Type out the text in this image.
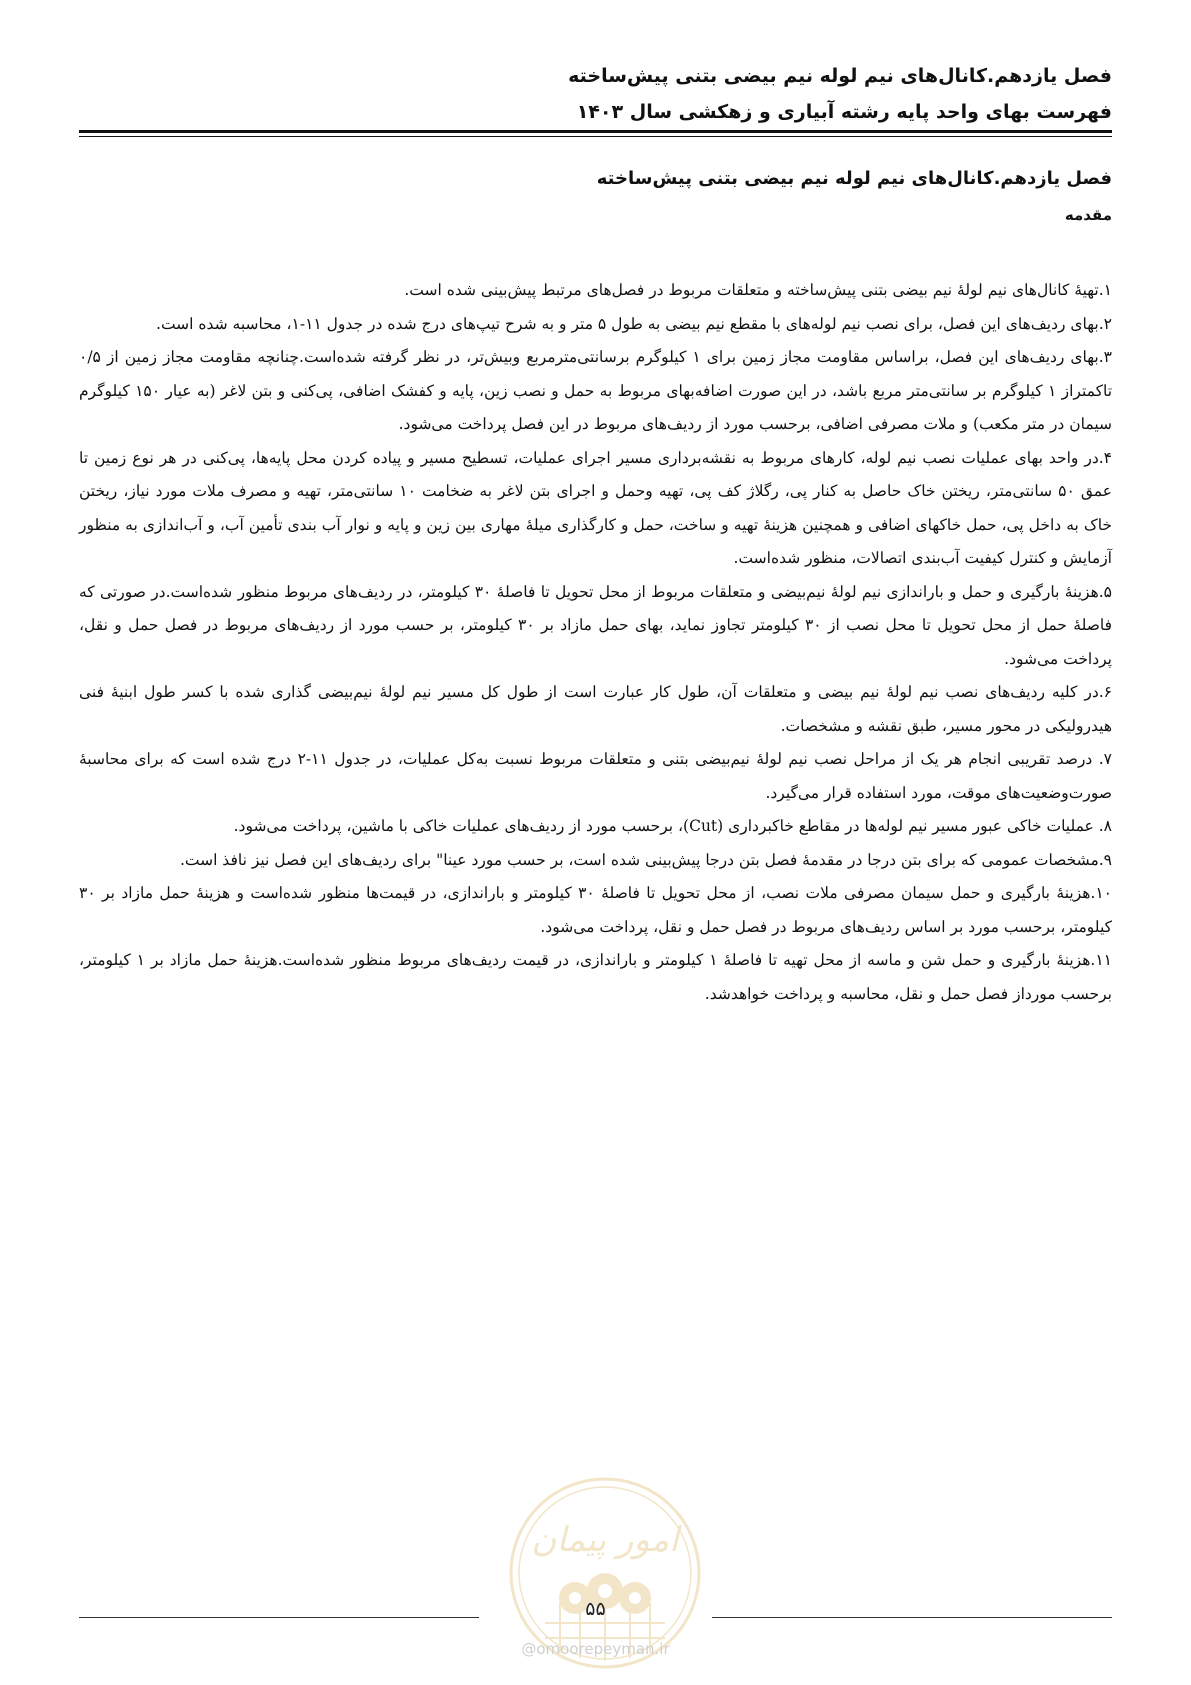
فصل یازدهم.کانال‌های نیم لوله نیم بیضی بتنی پیش‌ساخته
فهرست بهای واحد پایه رشته آبیاری و زهکشی سال ۱۴۰۳
فصل یازدهم.کانال‌های نیم لوله نیم بیضی بتنی پیش‌ساخته
مقدمه

۱.تهیهٔ کانال‌های نیم لولهٔ نیم بیضی بتنی پیش‌ساخته و متعلقات مربوط در فصل‌های مرتبط پیش‌بینی شده است.

۲.بهای ردیف‌های این فصل، برای نصب نیم لوله‌های با مقطع نیم بیضی به طول ۵ متر و به شرح تیپ‌های درج شده در جدول ۱۱-۱، محاسبه شده است.

۳.بهای ردیف‌های این فصل، براساس مقاومت مجاز زمین برای ۱ کیلوگرم برسانتی‌مترمربع وبیش‌تر، در نظر گرفته شده‌است.چنانچه مقاومت مجاز زمین از ۰/۵ تاکمتراز ۱ کیلوگرم بر سانتی‌متر مربع باشد، در این صورت اضافه‌بهای مربوط به حمل و نصب زین، پایه و کفشک اضافی، پی‌کنی و بتن لاغر (به عیار ۱۵۰ کیلوگرم سیمان در متر مکعب) و ملات مصرفی اضافی، برحسب مورد از ردیف‌های مربوط در این فصل پرداخت می‌شود.

۴.در واحد بهای عملیات نصب نیم لوله، کارهای مربوط به نقشه‌برداری مسیر اجرای عملیات، تسطیح مسیر و پیاده کردن محل پایه‌ها، پی‌کنی در هر نوع زمین تا عمق ۵۰ سانتی‌متر، ریختن خاک حاصل به کنار پی، رگلاژ کف پی، تهیه وحمل و اجرای بتن لاغر به ضخامت ۱۰ سانتی‌متر، تهیه و مصرف ملات مورد نیاز، ریختن خاک به داخل پی، حمل خاکهای اضافی و همچنین هزینهٔ تهیه و ساخت، حمل و کارگذاری میلهٔ مهاری بین زین و پایه و نوار آب بندی تأمین آب، و آب‌اندازی به منظور آزمایش و کنترل کیفیت آب‌بندی اتصالات، منظور شده‌است.

۵.هزینهٔ بارگیری و حمل و باراندازی نیم لولهٔ نیم‌بیضی و متعلقات مربوط از محل تحویل تا فاصلهٔ ۳۰ کیلومتر، در ردیف‌های مربوط منظور شده‌است.در صورتی که فاصلهٔ حمل از محل تحویل تا محل نصب از ۳۰ کیلومتر تجاوز نماید، بهای حمل مازاد بر ۳۰ کیلومتر، بر حسب مورد از ردیف‌های مربوط در فصل حمل و نقل، پرداخت می‌شود.

۶.در کلیه ردیف‌های نصب نیم لولهٔ نیم بیضی و متعلقات آن، طول کار عبارت است از طول کل مسیر نیم لولهٔ نیم‌بیضی گذاری شده با کسر طول ابنیهٔ فنی هیدرولیکی در محور مسیر، طبق نقشه و مشخصات.

۷. درصد تقریبی انجام هر یک از مراحل نصب نیم لولهٔ نیم‌بیضی بتنی و متعلقات مربوط نسبت به‌کل عملیات، در جدول ۱۱-۲ درج شده است که برای محاسبهٔ صورت‌وضعیت‌های موقت، مورد استفاده قرار می‌گیرد.

۸. عملیات خاکی عبور مسیر نیم لوله‌ها در مقاطع خاکبرداری (Cut)، برحسب مورد از ردیف‌های عملیات خاکی با ماشین، پرداخت می‌شود.

۹.مشخصات عمومی که برای بتن درجا در مقدمهٔ فصل بتن درجا پیش‌بینی شده است، بر حسب مورد عینا" برای ردیف‌های این فصل نیز نافذ است.

۱۰.هزینهٔ بارگیری و حمل سیمان مصرفی ملات نصب، از محل تحویل تا فاصلهٔ ۳۰ کیلومتر و باراندازی، در قیمت‌ها منظور شده‌است و هزینهٔ حمل مازاد بر ۳۰ کیلومتر، برحسب مورد بر اساس ردیف‌های مربوط در فصل حمل و نقل، پرداخت می‌شود.

۱۱.هزینهٔ بارگیری و حمل شن و ماسه از محل تهیه تا فاصلهٔ ۱ کیلومتر و باراندازی، در قیمت ردیف‌های مربوط منظور شده‌است.هزینهٔ حمل مازاد بر ۱ کیلومتر، برحسب مورداز فصل حمل و نقل، محاسبه و پرداخت خواهدشد.

امور پیمان
۵۵
@omoorepeyman.ir
